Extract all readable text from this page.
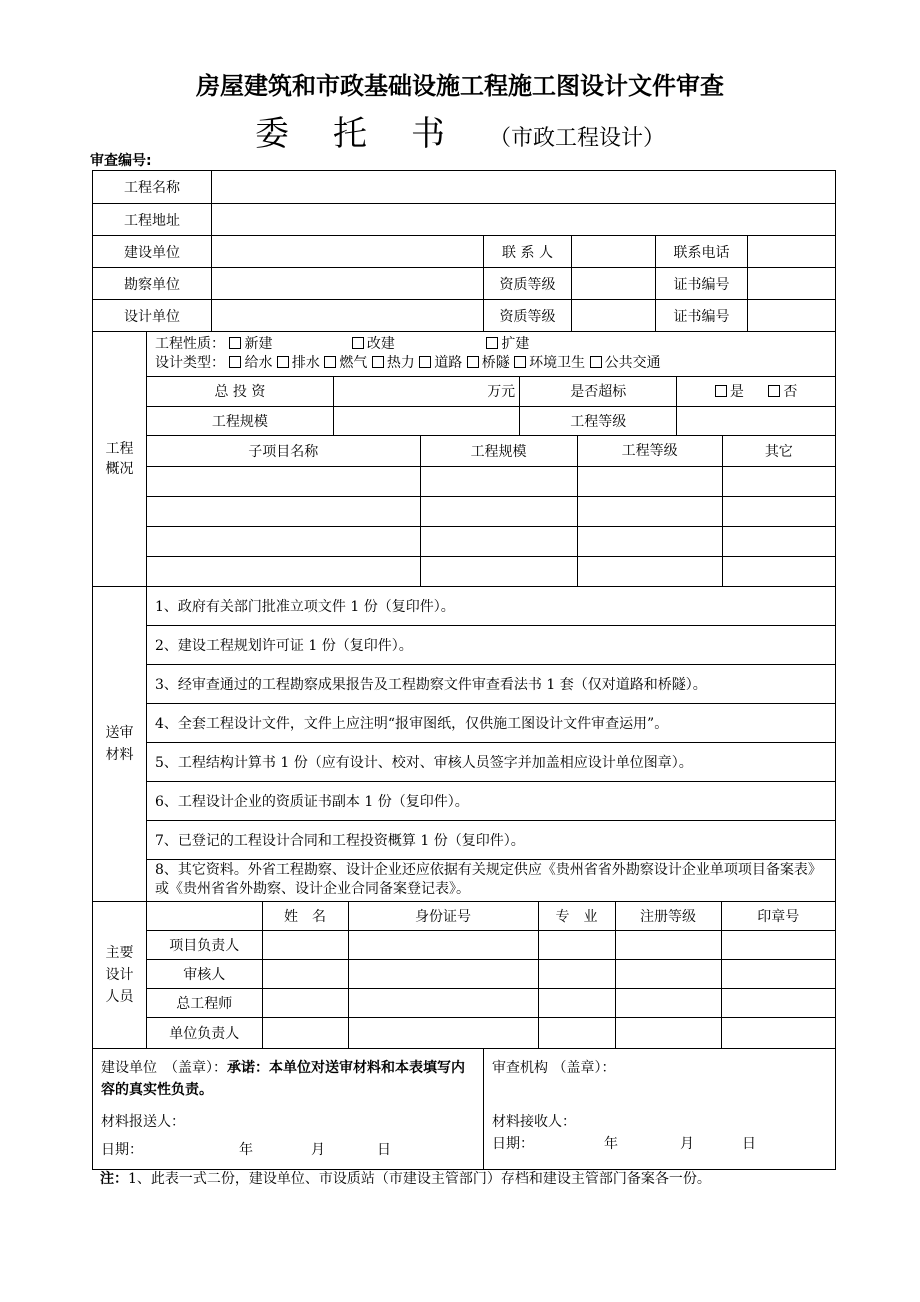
房屋建筑和市政基础设施工程施工图设计文件审查
委托书（市政工程设计）
审查编号:
工程名称	
工程地址	
建设单位		联 系 人		联系电话	
勘察单位		资质等级		证书编号	
设计单位		资质等级		证书编号	
工程概况	
工程性质： 新建	改建	扩建
设计类型： 给水 排水 燃气 热力 道路 桥隧 环境卫生 公共交通

总 投 资	万元	是否超标	是	否
工程规模		工程等级	
子项目名称	工程规模	工程等级	其它

送审材料	1、政府有关部门批准立项文件 1 份（复印件）。
2、建设工程规划许可证 1 份（复印件）。
3、经审查通过的工程勘察成果报告及工程勘察文件审查看法书 1 套（仅对道路和桥隧）。
4、全套工程设计文件，文件上应注明“报审图纸，仅供施工图设计文件审查运用”。
5、工程结构计算书 1 份（应有设计、校对、审核人员签字并加盖相应设计单位图章）。
6、工程设计企业的资质证书副本 1 份（复印件）。
7、已登记的工程设计合同和工程投资概算 1 份（复印件）。
8、其它资料。外省工程勘察、设计企业还应依据有关规定供应《贵州省省外勘察设计企业单项项目备案表》或《贵州省省外勘察、设计企业合同备案登记表》。
主要设计人员	
	姓　名	身份证号	专　业	注册等级	印章号
项目负责人					
审核人					
总工程师					
单位负责人					

建设单位　（盖章）：承诺：本单位对送审材料和本表填写内容的真实性负责。
材料报送人：
日期：	年	月	日

审查机构 （盖章）：
材料接收人：
日期：	年	月	日
注：1、此表一式二份，建设单位、市设质站（市建设主管部门）存档和建设主管部门备案各一份。
